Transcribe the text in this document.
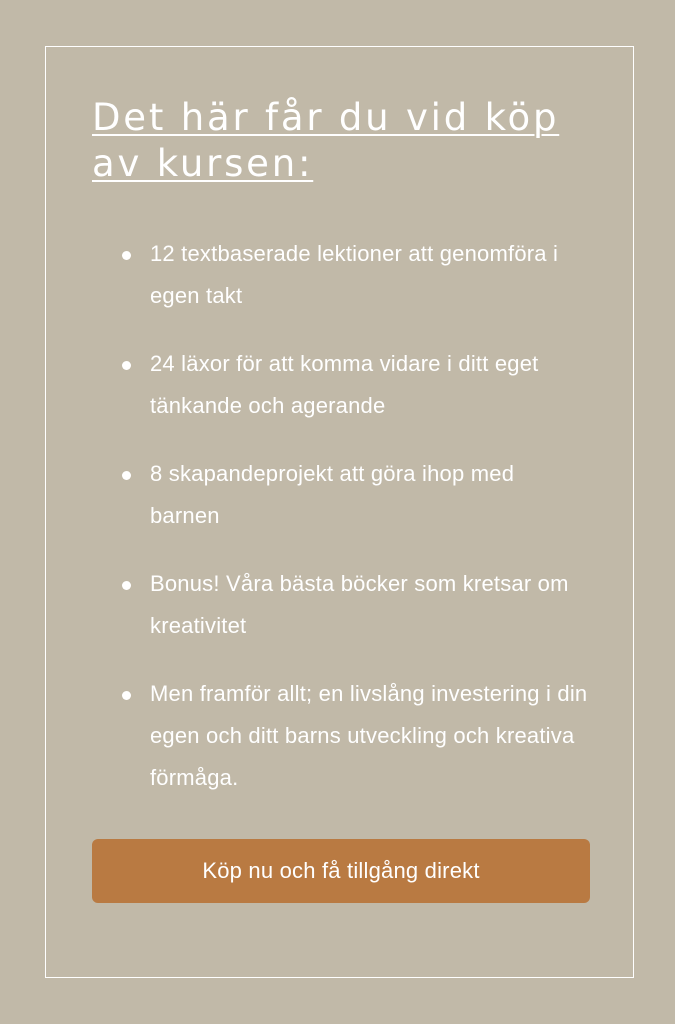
Det här får du vid köp av kursen:
12 textbaserade lektioner att genomföra i egen takt
24 läxor för att komma vidare i ditt eget tänkande och agerande
8 skapandeprojekt att göra ihop med barnen
Bonus! Våra bästa böcker som kretsar om kreativitet
Men framför allt; en livslång investering i din egen och ditt barns utveckling och kreativa förmåga.
Köp nu och få tillgång direkt
